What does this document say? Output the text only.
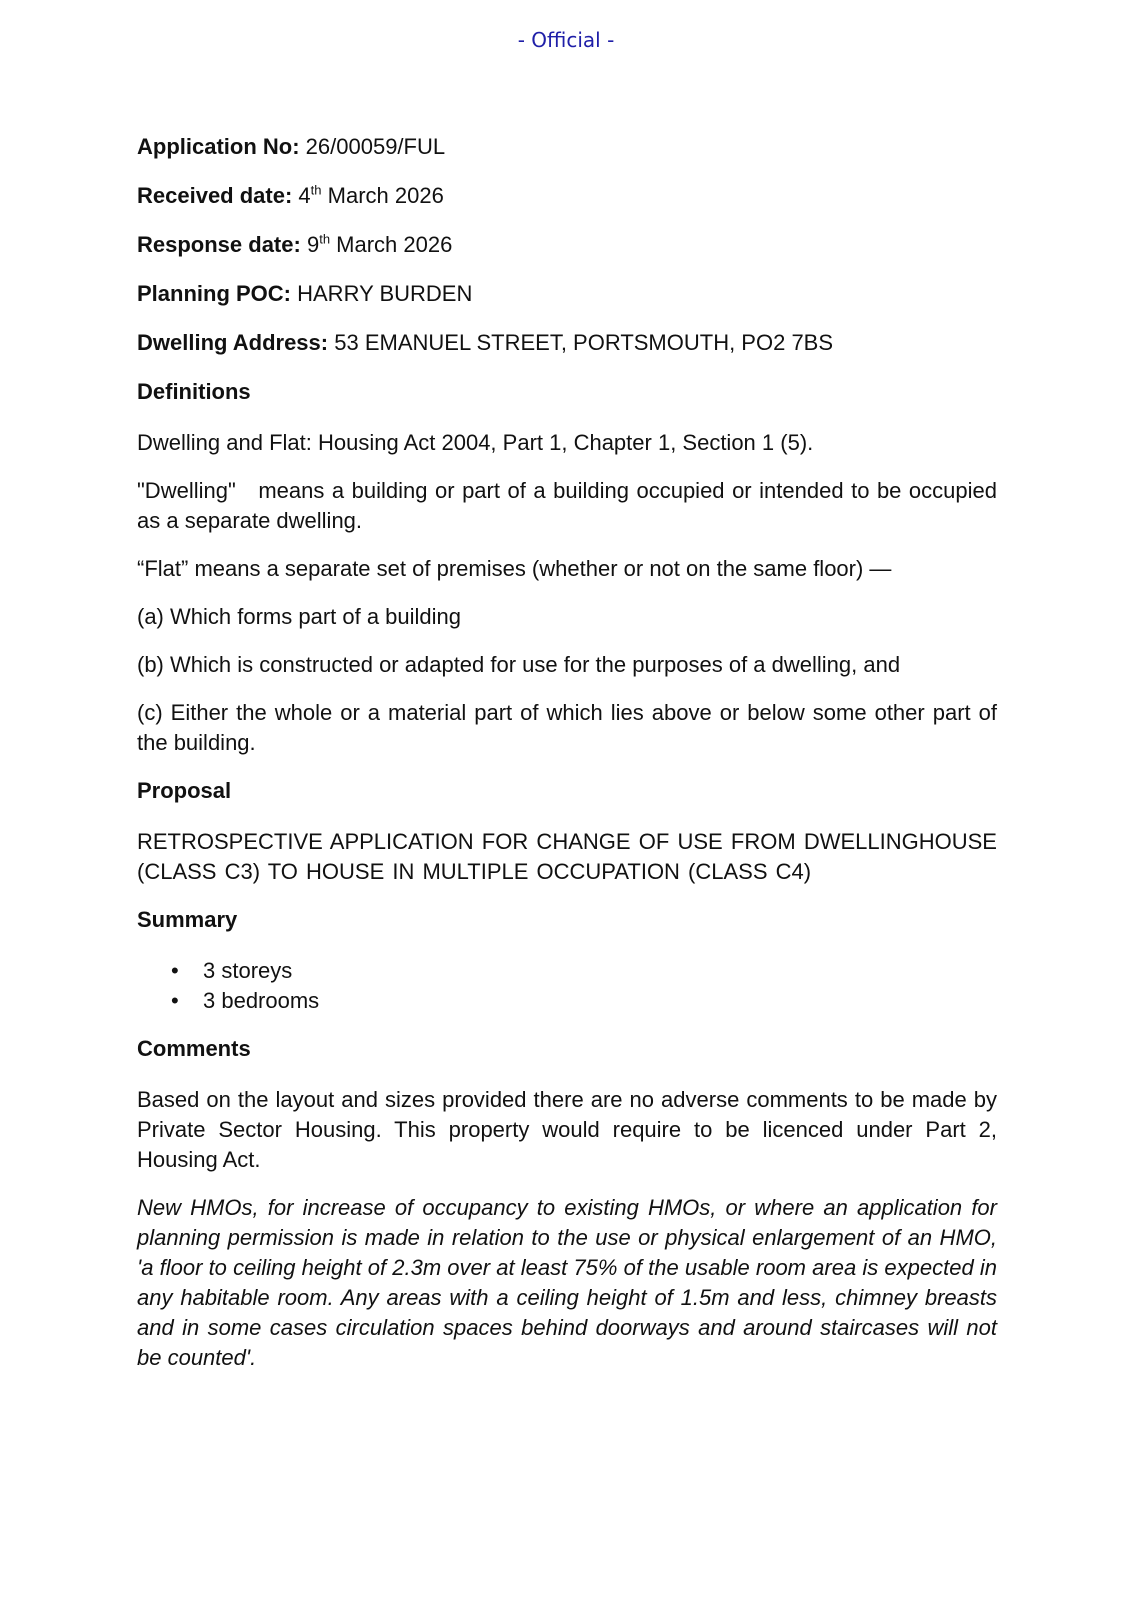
- Official -

Application No: 26/00059/FUL

Received date: 4th March 2026

Response date: 9th March 2026

Planning POC: HARRY BURDEN

Dwelling Address: 53 EMANUEL STREET, PORTSMOUTH, PO2 7BS

Definitions

Dwelling and Flat: Housing Act 2004, Part 1, Chapter 1, Section 1 (5).

"Dwelling"   means a building or part of a building occupied or intended to be occupied as a separate dwelling.

“Flat” means a separate set of premises (whether or not on the same floor) —

(a) Which forms part of a building

(b) Which is constructed or adapted for use for the purposes of a dwelling, and

(c) Either the whole or a material part of which lies above or below some other part of the building.

Proposal

RETROSPECTIVE APPLICATION FOR CHANGE OF USE FROM DWELLINGHOUSE (CLASS C3) TO HOUSE IN MULTIPLE OCCUPATION (CLASS C4)

Summary

• 3 storeys
• 3 bedrooms

Comments

Based on the layout and sizes provided there are no adverse comments to be made by Private Sector Housing. This property would require to be licenced under Part 2, Housing Act.

New HMOs, for increase of occupancy to existing HMOs, or where an application for planning permission is made in relation to the use or physical enlargement of an HMO, 'a floor to ceiling height of 2.3m over at least 75% of the usable room area is expected in any habitable room. Any areas with a ceiling height of 1.5m and less, chimney breasts and in some cases circulation spaces behind doorways and around staircases will not be counted'.
